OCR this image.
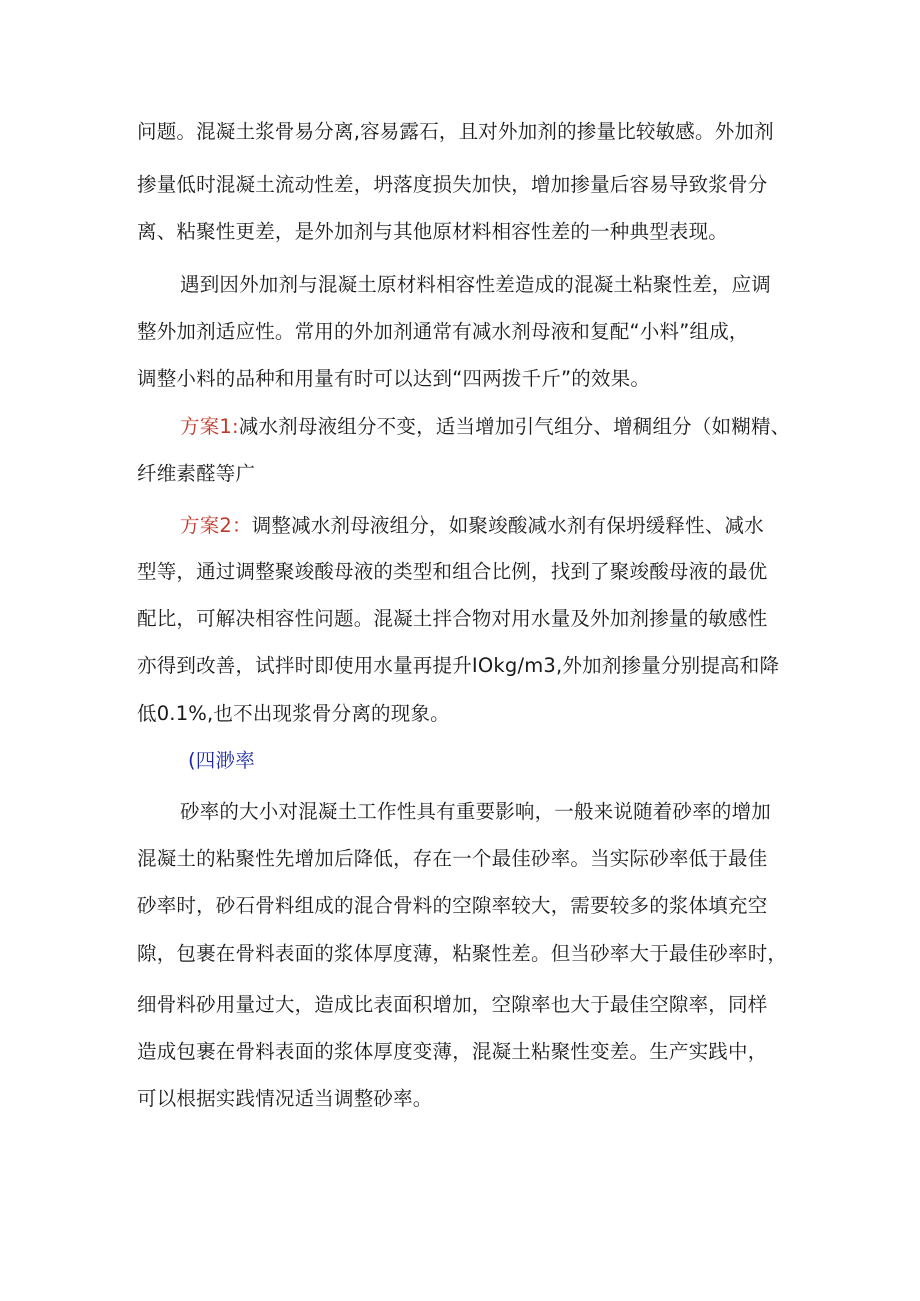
问题。混凝土浆骨易分离,容易露石，且对外加剂的掺量比较敏感。外加剂

掺量低时混凝土流动性差，坍落度损失加快，增加掺量后容易导致浆骨分

离、粘聚性更差，是外加剂与其他原材料相容性差的一种典型表现。

遇到因外加剂与混凝土原材料相容性差造成的混凝土粘聚性差，应调

整外加剂适应性。常用的外加剂通常有减水剂母液和复配“小料”组成，

调整小料的品种和用量有时可以达到“四两拨千斤”的效果。

方案1:减水剂母液组分不变，适当增加引气组分、增稠组分（如糊精、

纤维素醛等广

方案2：调整减水剂母液组分，如聚竣酸减水剂有保坍缓释性、减水

型等，通过调整聚竣酸母液的类型和组合比例，找到了聚竣酸母液的最优

配比，可解决相容性问题。混凝土拌合物对用水量及外加剂掺量的敏感性

亦得到改善，试拌时即使用水量再提升IOkg/m3,外加剂掺量分别提高和降

低0.1%,也不出现浆骨分离的现象。

(四渺率

砂率的大小对混凝土工作性具有重要影响，一般来说随着砂率的增加

混凝土的粘聚性先增加后降低，存在一个最佳砂率。当实际砂率低于最佳

砂率时，砂石骨料组成的混合骨料的空隙率较大，需要较多的浆体填充空

隙，包裹在骨料表面的浆体厚度薄，粘聚性差。但当砂率大于最佳砂率时，

细骨料砂用量过大，造成比表面积增加，空隙率也大于最佳空隙率，同样

造成包裹在骨料表面的浆体厚度变薄，混凝土粘聚性变差。生产实践中，

可以根据实践情况适当调整砂率。
